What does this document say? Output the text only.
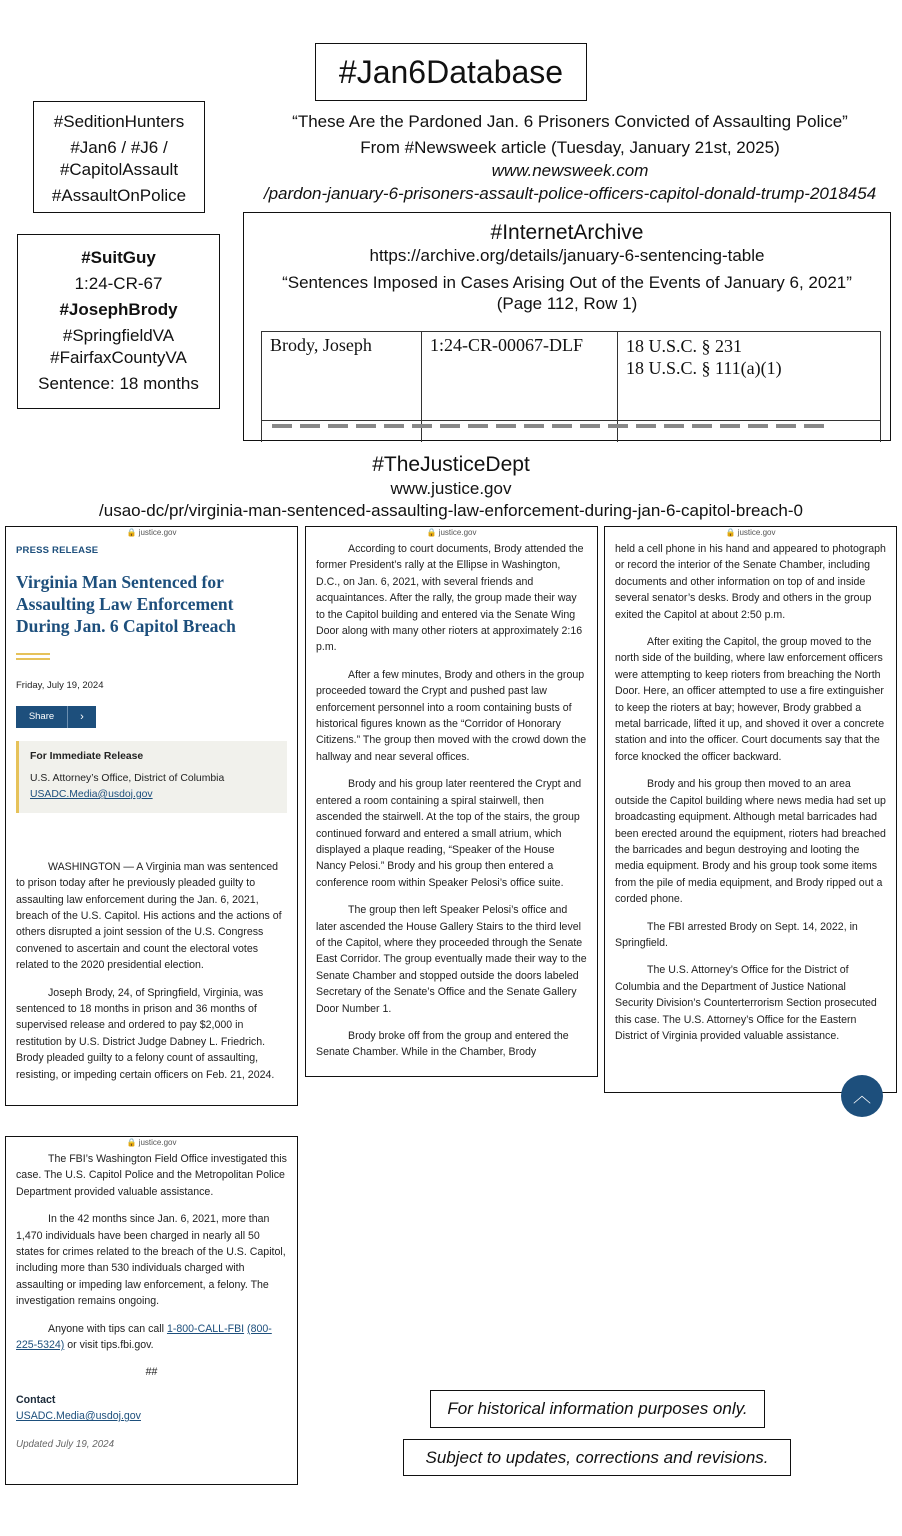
#Jan6Database
#SeditionHunters
#Jan6 / #J6 /
#CapitolAssault
#AssaultOnPolice
#SuitGuy
1:24-CR-67
#JosephBrody
#SpringfieldVA
#FairfaxCountyVA
Sentence: 18 months
“These Are the Pardoned Jan. 6 Prisoners Convicted of Assaulting Police”
From #Newsweek article (Tuesday, January 21st, 2025)
www.newsweek.com
/pardon-january-6-prisoners-assault-police-officers-capitol-donald-trump-2018454
#InternetArchive
https://archive.org/details/january-6-sentencing-table
“Sentences Imposed in Cases Arising Out of the Events of January 6, 2021”
(Page 112, Row 1)
Brody, Joseph	1:24-CR-00067-DLF	18 U.S.C. § 231
18 U.S.C. § 111(a)(1)
#TheJusticeDept
www.justice.gov
/usao-dc/pr/virginia-man-sentenced-assaulting-law-enforcement-during-jan-6-capitol-breach-0
🔒 justice.gov
PRESS RELEASE
Virginia Man Sentenced for Assaulting Law Enforcement During Jan. 6 Capitol Breach
Friday, July 19, 2024
Share	›
For Immediate Release
U.S. Attorney’s Office, District of Columbia
USADC.Media@usdoj.gov

WASHINGTON — A Virginia man was sentenced to prison today after he previously pleaded guilty to assaulting law enforcement during the Jan. 6, 2021, breach of the U.S. Capitol. His actions and the actions of others disrupted a joint session of the U.S. Congress convened to ascertain and count the electoral votes related to the 2020 presidential election.

Joseph Brody, 24, of Springfield, Virginia, was sentenced to 18 months in prison and 36 months of supervised release and ordered to pay $2,000 in restitution by U.S. District Judge Dabney L. Friedrich. Brody pleaded guilty to a felony count of assaulting, resisting, or impeding certain officers on Feb. 21, 2024.

🔒 justice.gov

According to court documents, Brody attended the former President’s rally at the Ellipse in Washington, D.C., on Jan. 6, 2021, with several friends and acquaintances. After the rally, the group made their way to the Capitol building and entered via the Senate Wing Door along with many other rioters at approximately 2:16 p.m.

After a few minutes, Brody and others in the group proceeded toward the Crypt and pushed past law enforcement personnel into a room containing busts of historical figures known as the “Corridor of Honorary Citizens.” The group then moved with the crowd down the hallway and near several offices.

Brody and his group later reentered the Crypt and entered a room containing a spiral stairwell, then ascended the stairwell. At the top of the stairs, the group continued forward and entered a small atrium, which displayed a plaque reading, “Speaker of the House Nancy Pelosi.” Brody and his group then entered a conference room within Speaker Pelosi’s office suite.

The group then left Speaker Pelosi’s office and later ascended the House Gallery Stairs to the third level of the Capitol, where they proceeded through the Senate East Corridor. The group eventually made their way to the Senate Chamber and stopped outside the doors labeled Secretary of the Senate’s Office and the Senate Gallery Door Number 1.

Brody broke off from the group and entered the Senate Chamber. While in the Chamber, Brody

🔒 justice.gov

held a cell phone in his hand and appeared to photograph or record the interior of the Senate Chamber, including documents and other information on top of and inside several senator’s desks. Brody and others in the group exited the Capitol at about 2:50 p.m.

After exiting the Capitol, the group moved to the north side of the building, where law enforcement officers were attempting to keep rioters from breaching the North Door. Here, an officer attempted to use a fire extinguisher to keep the rioters at bay; however, Brody grabbed a metal barricade, lifted it up, and shoved it over a concrete station and into the officer. Court documents say that the force knocked the officer backward.

Brody and his group then moved to an area outside the Capitol building where news media had set up broadcasting equipment. Although metal barricades had been erected around the equipment, rioters had breached the barricades and begun destroying and looting the media equipment. Brody and his group took some items from the pile of media equipment, and Brody ripped out a corded phone.

The FBI arrested Brody on Sept. 14, 2022, in Springfield.

The U.S. Attorney’s Office for the District of Columbia and the Department of Justice National Security Division’s Counterterrorism Section prosecuted this case. The U.S. Attorney’s Office for the Eastern District of Virginia provided valuable assistance.

︿
🔒 justice.gov

The FBI’s Washington Field Office investigated this case. The U.S. Capitol Police and the Metropolitan Police Department provided valuable assistance.

In the 42 months since Jan. 6, 2021, more than 1,470 individuals have been charged in nearly all 50 states for crimes related to the breach of the U.S. Capitol, including more than 530 individuals charged with assaulting or impeding law enforcement, a felony. The investigation remains ongoing.

Anyone with tips can call 1-800-CALL-FBI (800-225-5324) or visit tips.fbi.gov.

##
Contact
USADC.Media@usdoj.gov
Updated July 19, 2024
For historical information purposes only.
Subject to updates, corrections and revisions.
